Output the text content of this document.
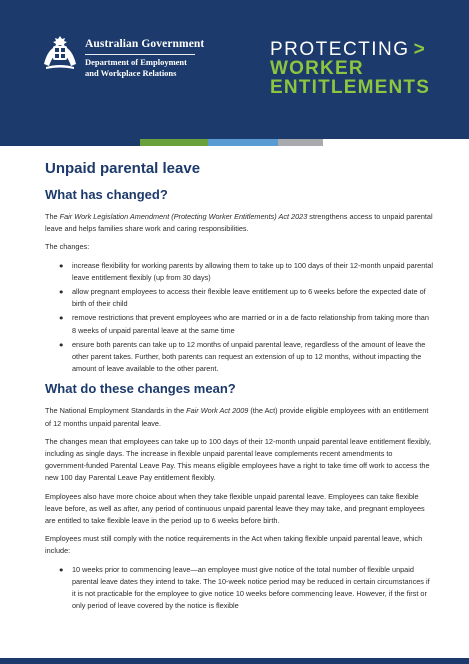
Australian Government
Department of Employment
and Workplace Relations
PROTECTING >
WORKER
ENTITLEMENTS
Unpaid parental leave
What has changed?

The Fair Work Legislation Amendment (Protecting Worker Entitlements) Act 2023 strengthens access to unpaid parental leave and helps families share work and caring responsibilities.

The changes:

● increase flexibility for working parents by allowing them to take up to 100 days of their 12-month unpaid parental leave entitlement flexibly (up from 30 days)
● allow pregnant employees to access their flexible leave entitlement up to 6 weeks before the expected date of birth of their child
● remove restrictions that prevent employees who are married or in a de facto relationship from taking more than 8 weeks of unpaid parental leave at the same time
● ensure both parents can take up to 12 months of unpaid parental leave, regardless of the amount of leave the other parent takes. Further, both parents can request an extension of up to 12 months, without impacting the amount of leave available to the other parent.
What do these changes mean?

The National Employment Standards in the Fair Work Act 2009 (the Act) provide eligible employees with an entitlement of 12 months unpaid parental leave.

The changes mean that employees can take up to 100 days of their 12-month unpaid parental leave entitlement flexibly, including as single days. The increase in flexible unpaid parental leave complements recent amendments to government-funded Parental Leave Pay. This means eligible employees have a right to take time off work to access the new 100 day Parental Leave Pay entitlement flexibly.

Employees also have more choice about when they take flexible unpaid parental leave. Employees can take flexible leave before, as well as after, any period of continuous unpaid parental leave they may take, and pregnant employees are entitled to take flexible leave in the period up to 6 weeks before birth.

Employees must still comply with the notice requirements in the Act when taking flexible unpaid parental leave, which include:

● 10 weeks prior to commencing leave—an employee must give notice of the total number of flexible unpaid parental leave dates they intend to take. The 10-week notice period may be reduced in certain circumstances if it is not practicable for the employee to give notice 10 weeks before commencing leave. However, if the first or only period of leave covered by the notice is flexible
